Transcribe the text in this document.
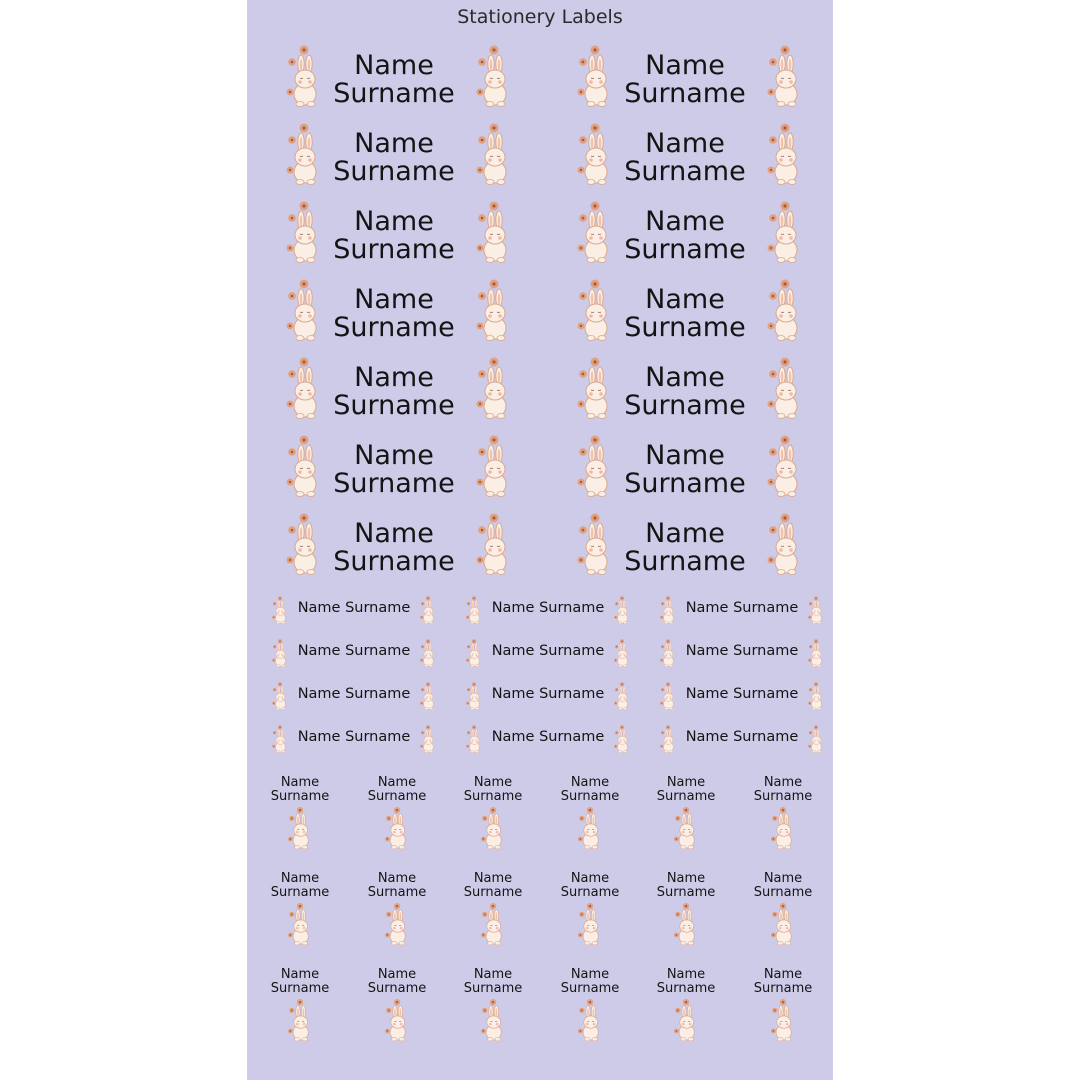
Stationery Labels
Name
Surname
Name
Surname
Name
Surname
Name
Surname
Name
Surname
Name
Surname
Name
Surname
Name
Surname
Name
Surname
Name
Surname
Name
Surname
Name
Surname
Name
Surname
Name
Surname
Name Surname	Name Surname	Name Surname
Name Surname	Name Surname	Name Surname
Name Surname	Name Surname	Name Surname
Name Surname	Name Surname	Name Surname
Name
Surname
Name
Surname
Name
Surname
Name
Surname
Name
Surname
Name
Surname
Name
Surname
Name
Surname
Name
Surname
Name
Surname
Name
Surname
Name
Surname
Name
Surname
Name
Surname
Name
Surname
Name
Surname
Name
Surname
Name
Surname
